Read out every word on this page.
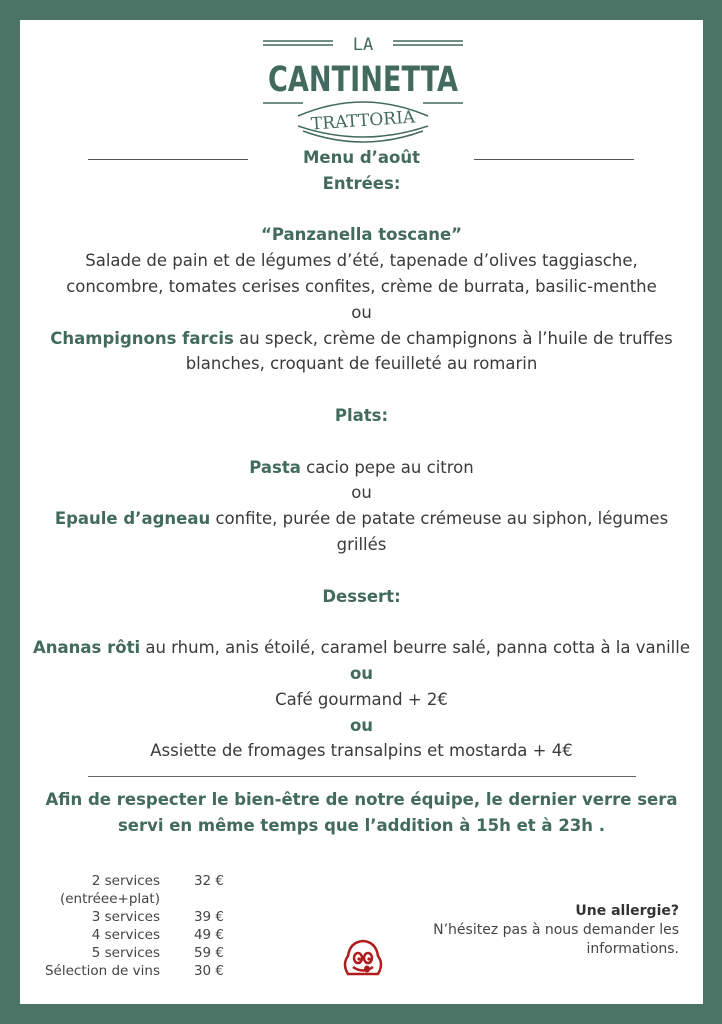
LA
CANTINETTA
TRATTORIA
Menu d’août
Entrées:
“Panzanella toscane”
Salade de pain et de légumes d’été, tapenade d’olives taggiasche,
concombre, tomates cerises confites, crème de burrata, basilic-menthe
ou
Champignons farcis au speck, crème de champignons à l’huile de truffes
blanches, croquant de feuilleté au romarin
Plats:
Pasta cacio pepe au citron
ou
Epaule d’agneau confite, purée de patate crémeuse au siphon, légumes
grillés
Dessert:
Ananas rôti au rhum, anis étoilé, caramel beurre salé, panna cotta à la vanille
ou
Café gourmand + 2€
ou
Assiette de fromages transalpins et mostarda + 4€
Afin de respecter le bien-être de notre équipe, le dernier verre sera
servi en même temps que l’addition à 15h et à 23h .
2 services	32 €
(entréee+plat)
3 services	39 €
4 services	49 €
5 services	59 €
Sélection de vins	30 €
Une allergie?
N’hésitez pas à nous demander les
informations.
